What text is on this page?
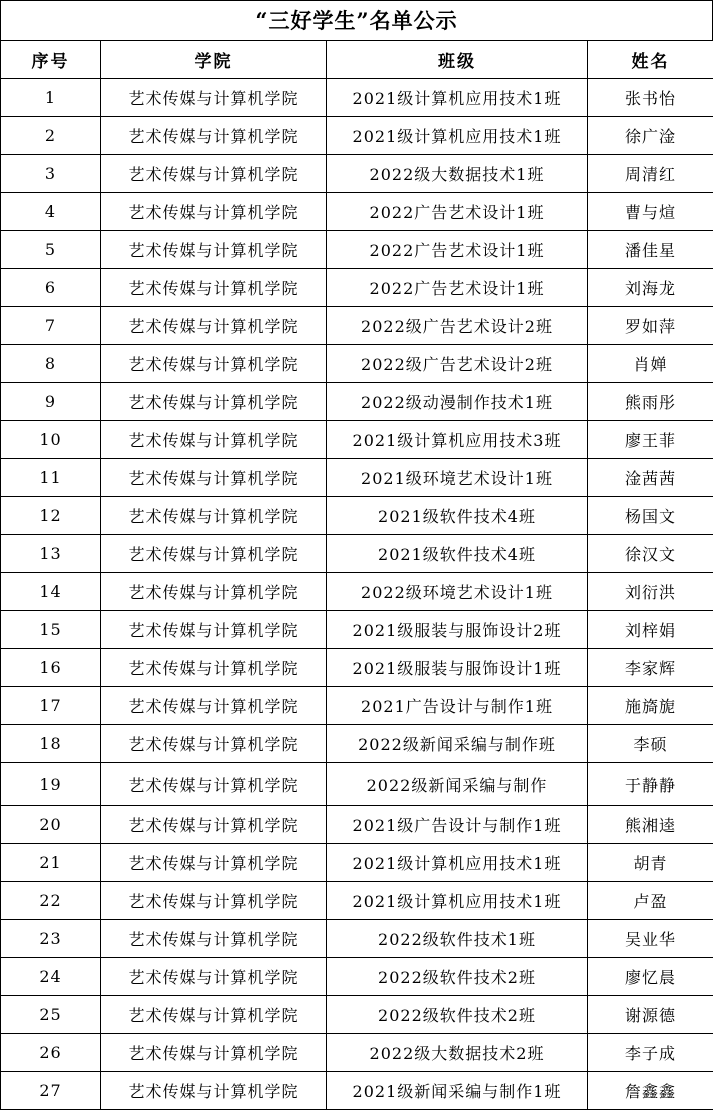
“三好学生”名单公示
序号	学院	班级	姓名
1	艺术传媒与计算机学院	2021级计算机应用技术1班	张书怡
2	艺术传媒与计算机学院	2021级计算机应用技术1班	徐广淦
3	艺术传媒与计算机学院	2022级大数据技术1班	周清红
4	艺术传媒与计算机学院	2022广告艺术设计1班	曹与煊
5	艺术传媒与计算机学院	2022广告艺术设计1班	潘佳星
6	艺术传媒与计算机学院	2022广告艺术设计1班	刘海龙
7	艺术传媒与计算机学院	2022级广告艺术设计2班	罗如萍
8	艺术传媒与计算机学院	2022级广告艺术设计2班	肖婵
9	艺术传媒与计算机学院	2022级动漫制作技术1班	熊雨彤
10	艺术传媒与计算机学院	2021级计算机应用技术3班	廖王菲
11	艺术传媒与计算机学院	2021级环境艺术设计1班	淦茜茜
12	艺术传媒与计算机学院	2021级软件技术4班	杨国文
13	艺术传媒与计算机学院	2021级软件技术4班	徐汉文
14	艺术传媒与计算机学院	2022级环境艺术设计1班	刘衍洪
15	艺术传媒与计算机学院	2021级服装与服饰设计2班	刘梓娟
16	艺术传媒与计算机学院	2021级服装与服饰设计1班	李家辉
17	艺术传媒与计算机学院	2021广告设计与制作1班	施旖旎
18	艺术传媒与计算机学院	2022级新闻采编与制作班	李硕
19	艺术传媒与计算机学院	2022级新闻采编与制作	于静静
20	艺术传媒与计算机学院	2021级广告设计与制作1班	熊湘逵
21	艺术传媒与计算机学院	2021级计算机应用技术1班	胡青
22	艺术传媒与计算机学院	2021级计算机应用技术1班	卢盈
23	艺术传媒与计算机学院	2022级软件技术1班	吴业华
24	艺术传媒与计算机学院	2022级软件技术2班	廖忆晨
25	艺术传媒与计算机学院	2022级软件技术2班	谢源德
26	艺术传媒与计算机学院	2022级大数据技术2班	李子成
27	艺术传媒与计算机学院	2021级新闻采编与制作1班	詹鑫鑫
